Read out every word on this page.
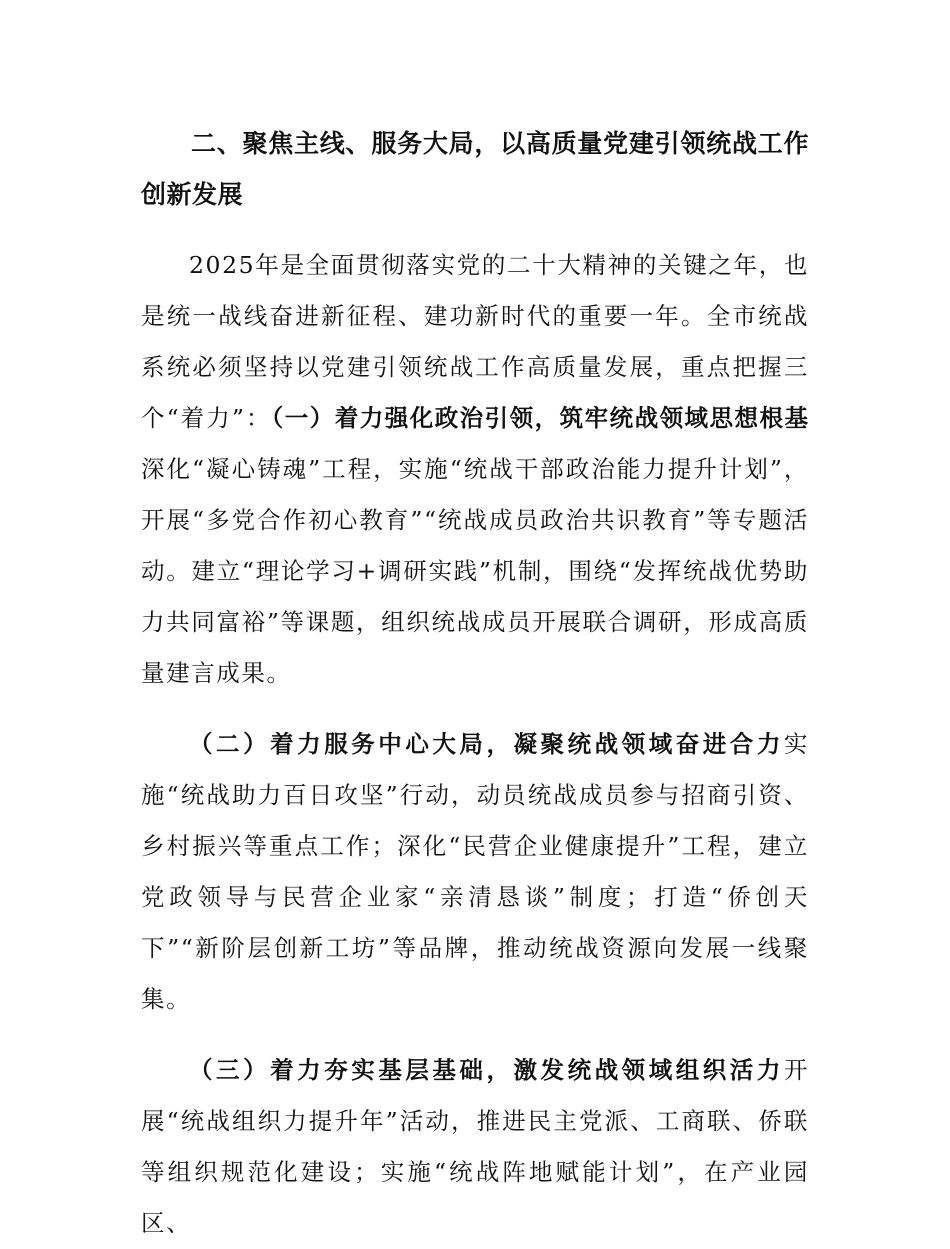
二、聚焦主线、服务大局，以高质量党建引领统战工作创新发展

2025年是全面贯彻落实党的二十大精神的关键之年，也是统一战线奋进新征程、建功新时代的重要一年。全市统战系统必须坚持以党建引领统战工作高质量发展，重点把握三个“着力”：（一）着力强化政治引领，筑牢统战领域思想根基深化“凝心铸魂”工程，实施“统战干部政治能力提升计划”，开展“多党合作初心教育”“统战成员政治共识教育”等专题活动。建立“理论学习+调研实践”机制，围绕“发挥统战优势助力共同富裕”等课题，组织统战成员开展联合调研，形成高质量建言成果。

（二）着力服务中心大局，凝聚统战领域奋进合力实施“统战助力百日攻坚”行动，动员统战成员参与招商引资、乡村振兴等重点工作；深化“民营企业健康提升”工程，建立党政领导与民营企业家“亲清恳谈”制度；打造“侨创天下”“新阶层创新工坊”等品牌，推动统战资源向发展一线聚集。

（三）着力夯实基层基础，激发统战领域组织活力开展“统战组织力提升年”活动，推进民主党派、工商联、侨联等组织规范化建设；实施“统战阵地赋能计划”，在产业园区、
